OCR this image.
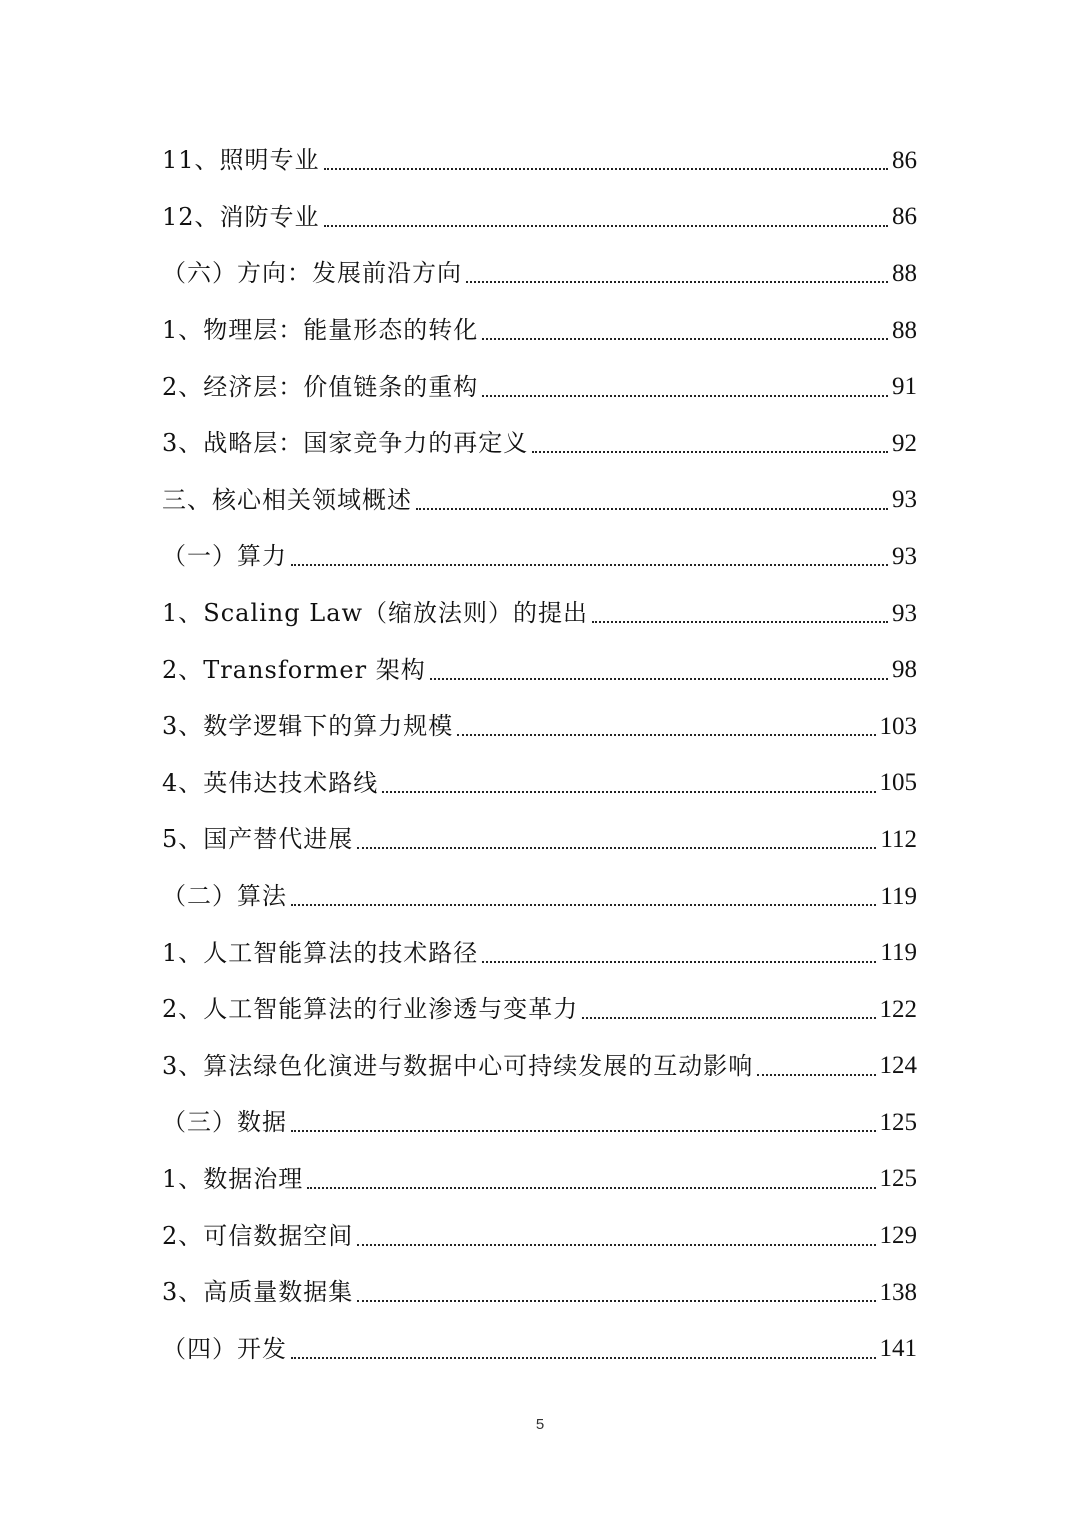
11、照明专业	86
12、消防专业	86
（六）方向：发展前沿方向	88
1、物理层：能量形态的转化	88
2、经济层：价值链条的重构	91
3、战略层：国家竞争力的再定义	92
三、核心相关领域概述	93
（一）算力	93
1、Scaling Law（缩放法则）的提出	93
2、Transformer 架构	98
3、数学逻辑下的算力规模	103
4、英伟达技术路线	105
5、国产替代进展	112
（二）算法	119
1、人工智能算法的技术路径	119
2、人工智能算法的行业渗透与变革力	122
3、算法绿色化演进与数据中心可持续发展的互动影响	124
（三）数据	125
1、数据治理	125
2、可信数据空间	129
3、高质量数据集	138
（四）开发	141
5
